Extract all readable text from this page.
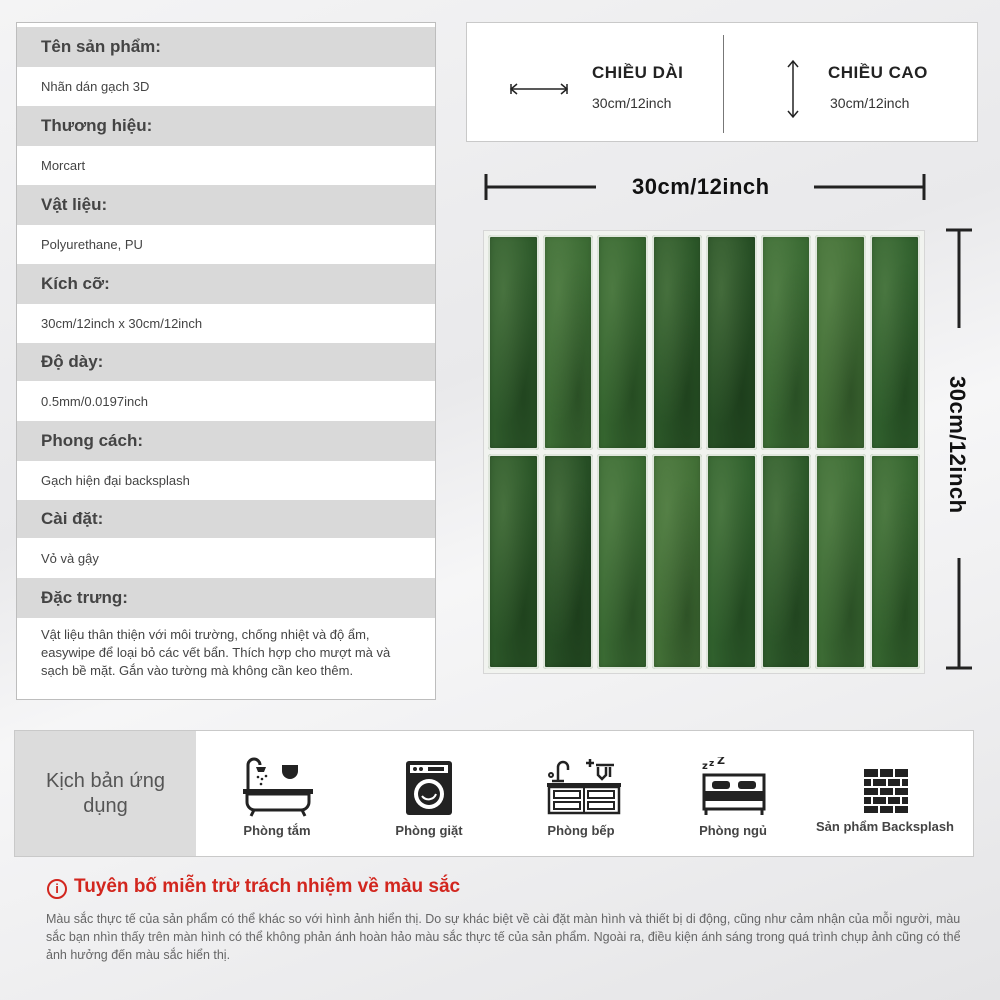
Tên sản phẩm:
Nhãn dán gạch 3D
Thương hiệu:
Morcart
Vật liệu:
Polyurethane, PU
Kích cỡ:
30cm/12inch x 30cm/12inch
Độ dày:
0.5mm/0.0197inch
Phong cách:
Gạch hiện đại backsplash
Cài đặt:
Vỏ và gậy
Đặc trưng:
Vật liệu thân thiện với môi trường, chống nhiệt và độ ẩm, easywipe để loại bỏ các vết bẩn. Thích hợp cho mượt mà và sạch bề mặt. Gắn vào tường mà không cần keo thêm.
CHIỀU DÀI
30cm/12inch
CHIỀU CAO
30cm/12inch
30cm/12inch
30cm/12inch
Kịch bản ứng dụng
Phòng tắm	Phòng giặt	Phòng bếp
z z Z
Phòng ngủ	Sản phẩm Backsplash
i Tuyên bố miễn trừ trách nhiệm về màu sắc
Màu sắc thực tế của sản phẩm có thể khác so với hình ảnh hiển thị. Do sự khác biệt về cài đặt màn hình và thiết bị di động, cũng như cảm nhận của mỗi người, màu sắc bạn nhìn thấy trên màn hình có thể không phản ánh hoàn hảo màu sắc thực tế của sản phẩm. Ngoài ra, điều kiện ánh sáng trong quá trình chụp ảnh cũng có thể ảnh hưởng đến màu sắc hiển thị.
